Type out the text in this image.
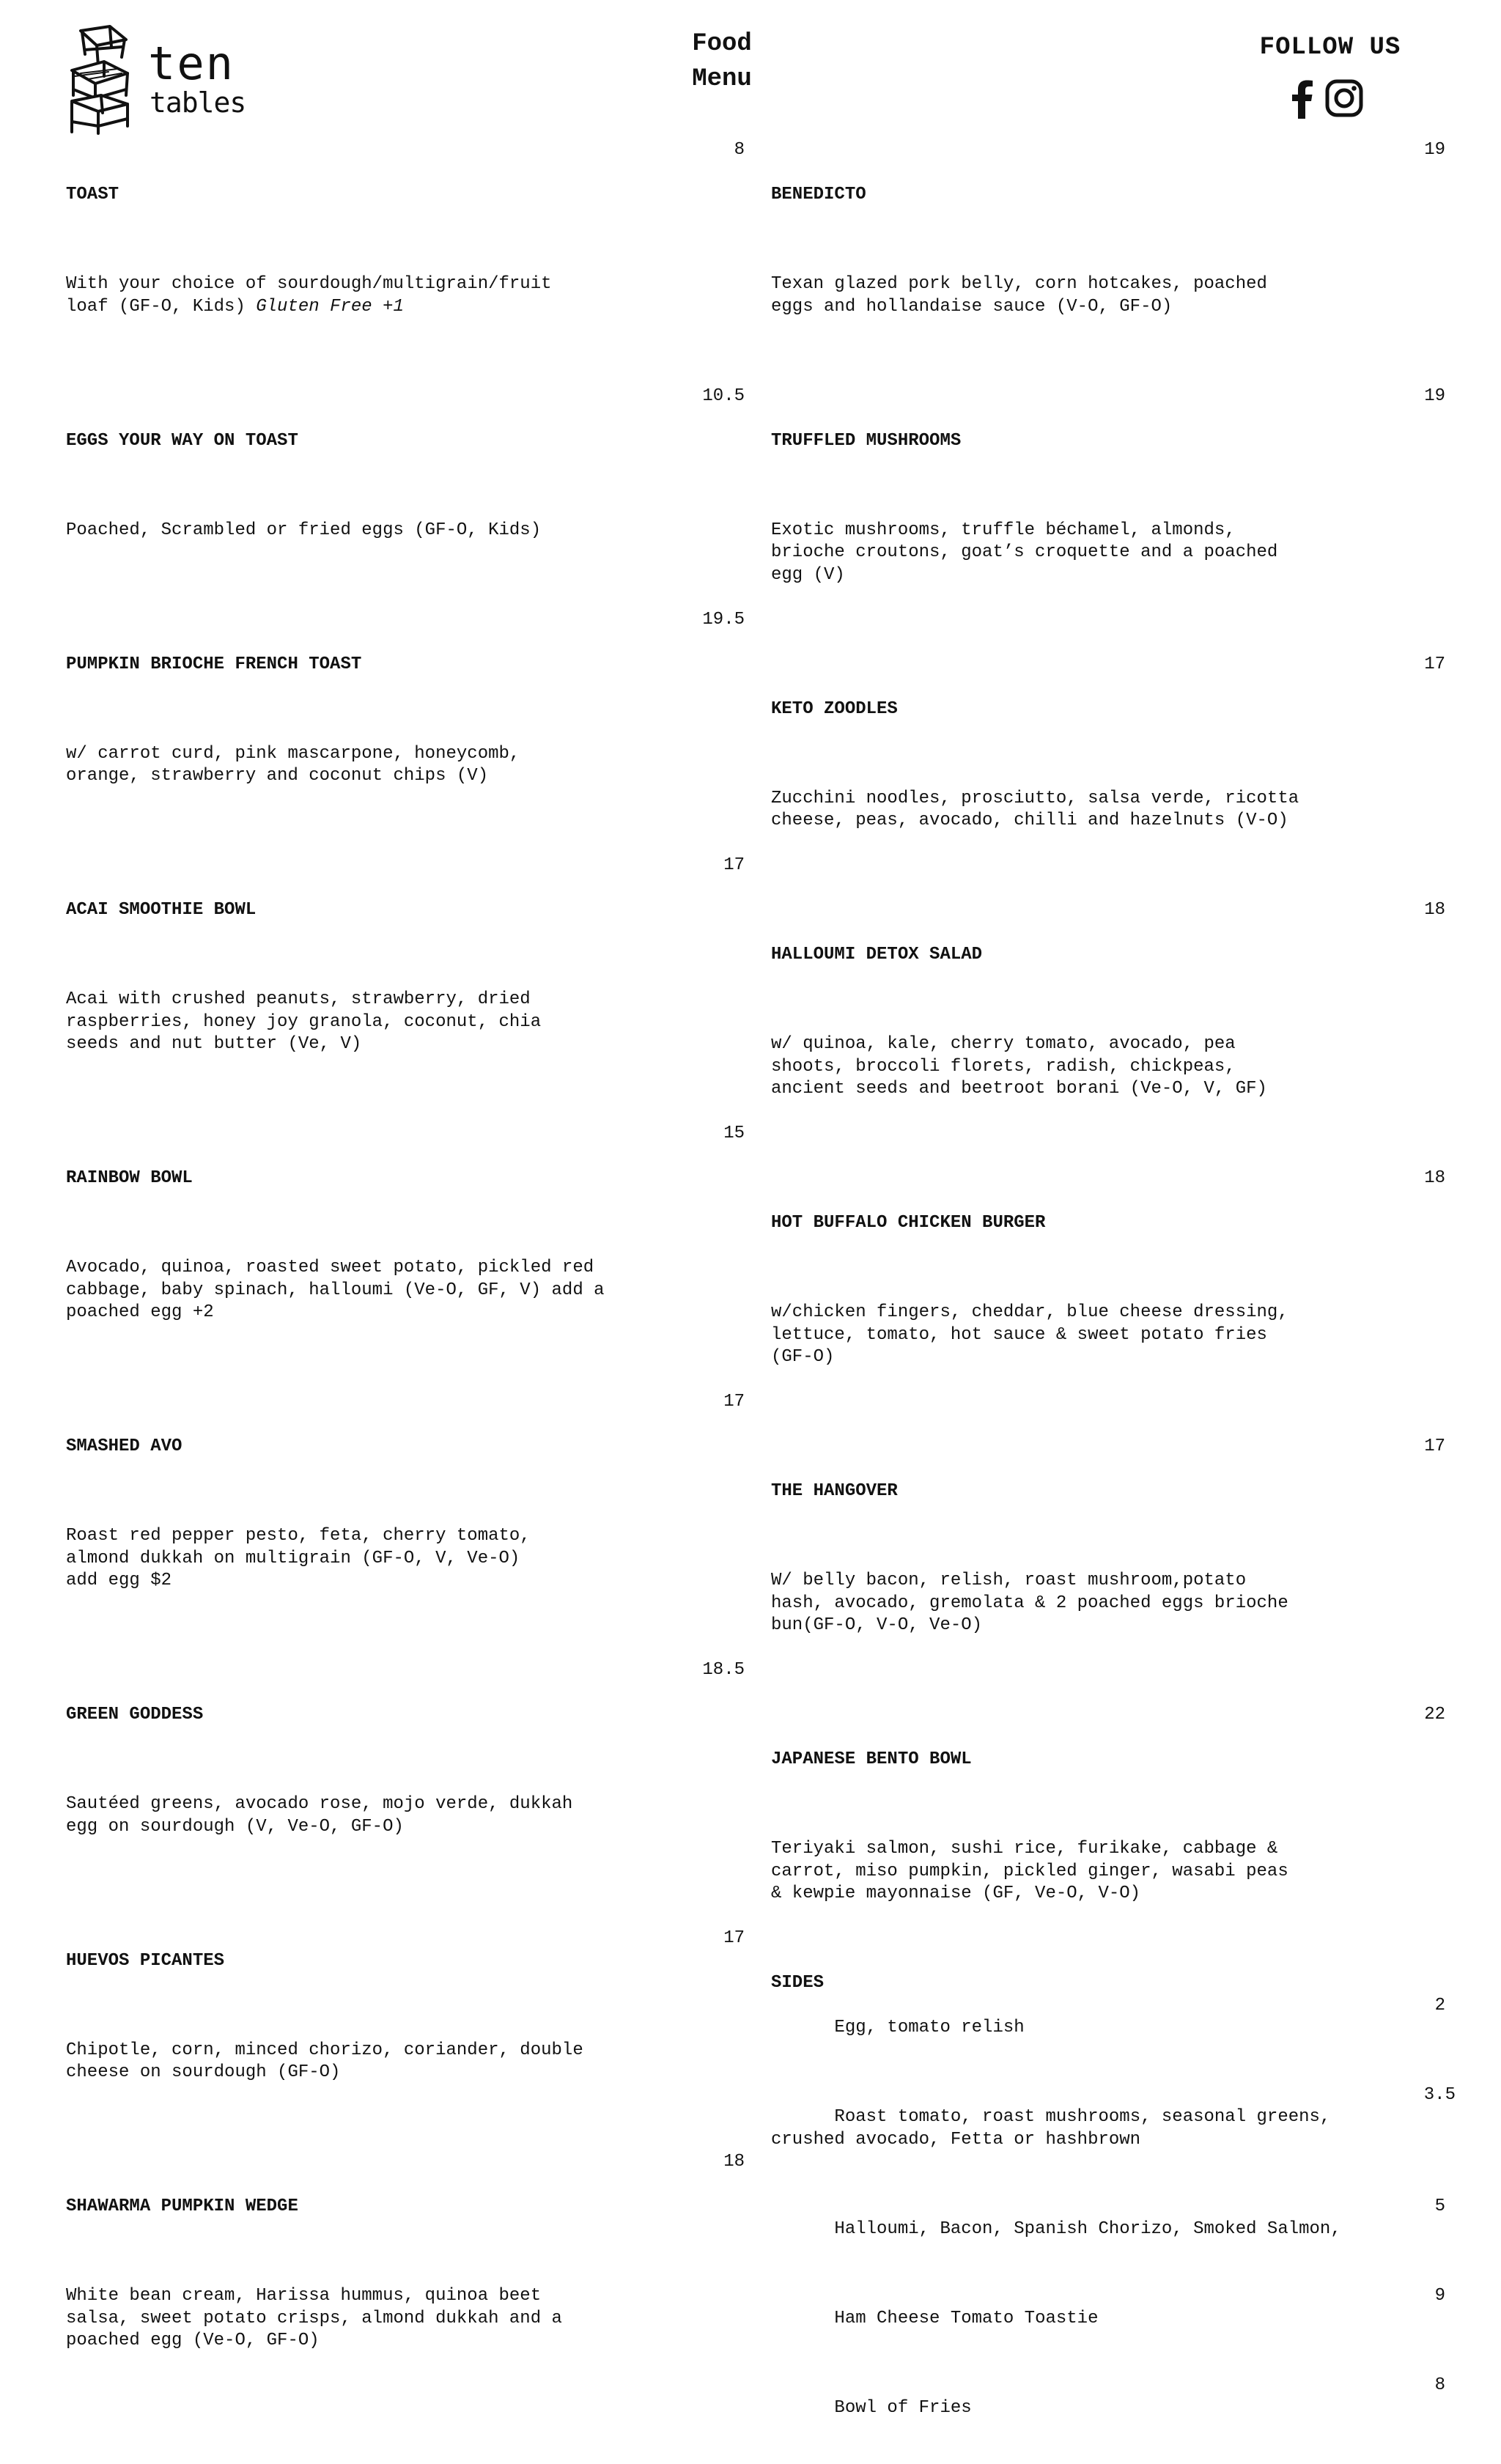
ten
tables
Food
Menu
FOLLOW US

TOAST

8

With your choice of sourdough/multigrain/fruit
loaf (GF-O, Kids) Gluten Free +1

EGGS YOUR WAY ON TOAST

10.5

Poached, Scrambled or fried eggs (GF-O, Kids)

PUMPKIN BRIOCHE FRENCH TOAST

19.5

w/ carrot curd, pink mascarpone, honeycomb,
orange, strawberry and coconut chips (V)

ACAI SMOOTHIE BOWL

17

Acai with crushed peanuts, strawberry, dried
raspberries, honey joy granola, coconut, chia
seeds and nut butter (Ve, V)

RAINBOW BOWL

15

Avocado, quinoa, roasted sweet potato, pickled red
cabbage, baby spinach, halloumi (Ve-O, GF, V) add a
poached egg +2

SMASHED AVO

17

Roast red pepper pesto, feta, cherry tomato,
almond dukkah on multigrain (GF-O, V, Ve-O)
add egg $2

GREEN GODDESS

18.5

Sautéed greens, avocado rose, mojo verde, dukkah
egg on sourdough (V, Ve-O, GF-O)

HUEVOS PICANTES

17

Chipotle, corn, minced chorizo, coriander, double
cheese on sourdough (GF-O)

SHAWARMA PUMPKIN WEDGE

18

White bean cream, Harissa hummus, quinoa beet
salsa, sweet potato crisps, almond dukkah and a
poached egg (Ve-O, GF-O)

BENEDICTO

19

Texan glazed pork belly, corn hotcakes, poached
eggs and hollandaise sauce (V-O, GF-O)

TRUFFLED MUSHROOMS

19

Exotic mushrooms, truffle béchamel, almonds,
brioche croutons, goat’s croquette and a poached
egg (V)

KETO ZOODLES

17

Zucchini noodles, prosciutto, salsa verde, ricotta
cheese, peas, avocado, chilli and hazelnuts (V-O)

HALLOUMI DETOX SALAD

18

w/ quinoa, kale, cherry tomato, avocado, pea
shoots, broccoli florets, radish, chickpeas,
ancient seeds and beetroot borani (Ve-O, V, GF)

HOT BUFFALO CHICKEN BURGER

18

w/chicken fingers, cheddar, blue cheese dressing,
lettuce, tomato, hot sauce & sweet potato fries
(GF-O)

THE HANGOVER

17

W/ belly bacon, relish, roast mushroom,potato
hash, avocado, gremolata & 2 poached eggs brioche
bun(GF-O, V-O, Ve-O)

JAPANESE BENTO BOWL

22

Teriyaki salmon, sushi rice, furikake, cabbage &
carrot, miso pumpkin, pickled ginger, wasabi peas
& kewpie mayonnaise (GF, Ve-O, V-O)

SIDES

Egg, tomato relish

2

Roast tomato, roast mushrooms, seasonal greens,
crushed avocado, Fetta or hashbrown

3.5

Halloumi, Bacon, Spanish Chorizo, Smoked Salmon,

5

Ham Cheese Tomato Toastie

9

Bowl of Fries

8
